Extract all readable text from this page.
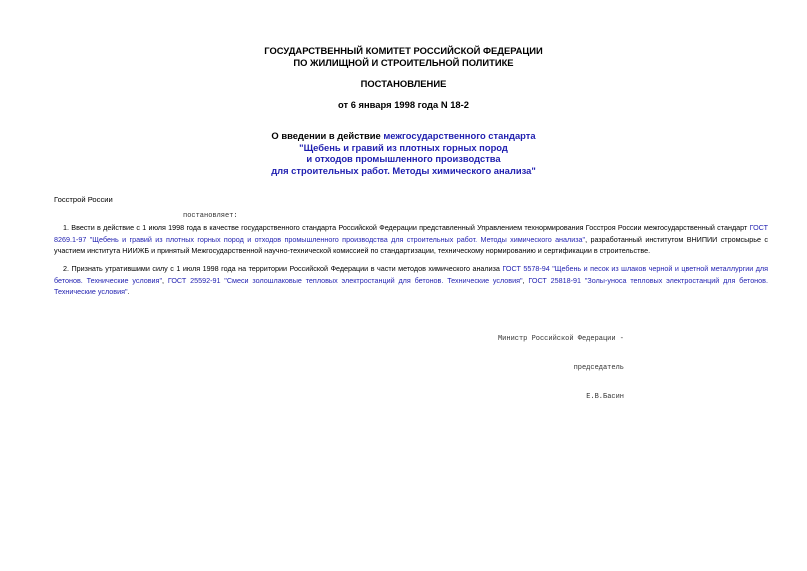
ГОСУДАРСТВЕННЫЙ КОМИТЕТ РОССИЙСКОЙ ФЕДЕРАЦИИ
ПО ЖИЛИЩНОЙ И СТРОИТЕЛЬНОЙ ПОЛИТИКЕ
ПОСТАНОВЛЕНИЕ
от 6 января 1998 года N 18-2
О введении в действие межгосударственного стандарта
"Щебень и гравий из плотных горных пород
и отходов промышленного производства
для строительных работ. Методы химического анализа"
Госстрой России
постановляет:
1. Ввести в действие с 1 июля 1998 года в качестве государственного стандарта Российской Федерации представленный Управлением технормирования Госстроя России межгосударственный стандарт ГОСТ 8269.1-97 "Щебень и гравий из плотных горных пород и отходов промышленного производства для строительных работ. Методы химического анализа", разработанный институтом ВНИПИИ стромсырье с участием института НИИЖБ и принятый Межгосударственной научно-технической комиссией по стандартизации, техническому нормированию и сертификации в строительстве.
2. Признать утратившими силу с 1 июля 1998 года на территории Российской Федерации в части методов химического анализа ГОСТ 5578-94 "Щебень и песок из шлаков черной и цветной металлургии для бетонов. Технические условия", ГОСТ 25592-91 "Смеси золошлаковые тепловых электростанций для бетонов. Технические условия", ГОСТ 25818-91 "Золы-уноса тепловых электростанций для бетонов. Технические условия".

Министр Российской Федерации -

председатель

Е.В.Басин
